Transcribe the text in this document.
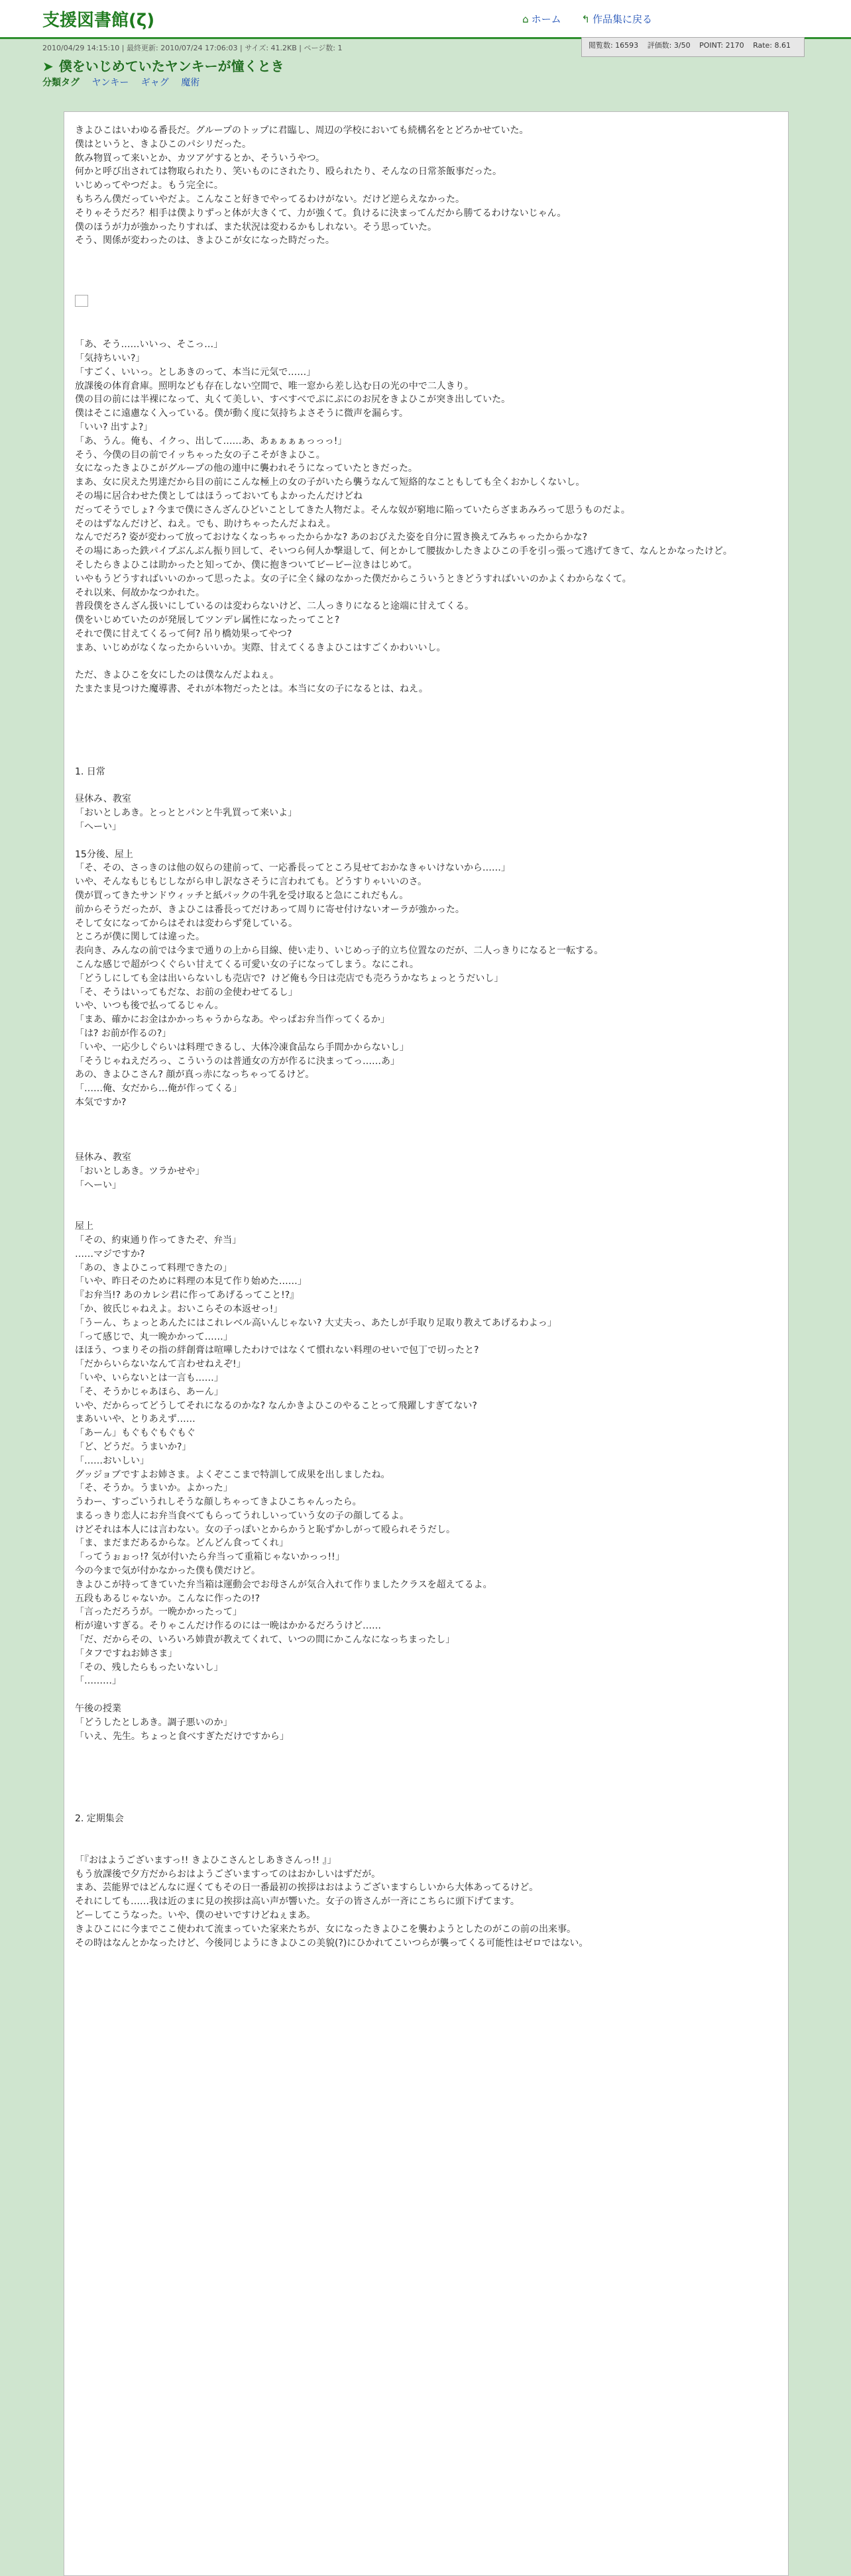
支援図書館(ζ)	⌂ ホーム ↰ 作品集に戻る
閲覧数: 16593 評価数: 3/50 POINT: 2170 Rate: 8.61
2010/04/29 14:15:10 | 最終更新: 2010/07/24 17:06:03 | サイズ: 41.2KB | ページ数: 1
➤ 僕をいじめていたヤンキーが憧くとき
分類タグ ヤンキー ギャグ 魔術
きよひこはいわゆる番長だ。グループのトップに君臨し、周辺の学校においても続構名をとどろかせていた。
僕はというと、きよひこのパシリだった。
飲み物買って来いとか、カツアゲするとか、そういうやつ。
何かと呼び出されては物取られたり、笑いものにされたり、殴られたり、そんなの日常茶飯事だった。
いじめってやつだよ。もう完全に。
もちろん僕だっていやだよ。こんなこと好きでやってるわけがない。だけど逆らえなかった。
そりゃそうだろ？相手は僕よりずっと体が大きくて、力が強くて。負けるに決まってんだから勝てるわけないじゃん。
僕のほうが力が強かったりすれば、また状況は変わるかもしれない。そう思っていた。
そう、関係が変わったのは、きよひこが女になった時だった。
「あ、そう……いいっ、そこっ…」
「気持ちいい?」
「すごく、いいっ。としあきのって、本当に元気で……」
放課後の体育倉庫。照明なども存在しない空間で、唯一窓から差し込む日の光の中で二人きり。
僕の目の前には半裸になって、丸くて美しい、すべすべでぷにぷにのお尻をきよひこが突き出していた。
僕はそこに遠慮なく入っている。僕が動く度に気持ちよさそうに微声を漏らす。
「いい? 出すよ?」
「あ、うん。俺も、イクっ、出して……あ、あぁぁぁぁっっっ!」
そう、今僕の目の前でイッちゃった女の子こそがきよひこ。
女になったきよひこがグループの他の連中に襲われそうになっていたときだった。
まあ、女に戻えた男達だから目の前にこんな極上の女の子がいたら襲うなんて短絡的なこともしても全くおかしくないし。
その場に居合わせた僕としてはほうっておいてもよかったんだけどね
だってそうでしょ? 今まで僕にさんざんひどいことしてきた人物だよ。そんな奴が窮地に陥っていたらざまあみろって思うものだよ。
そのはずなんだけど、ねえ。でも、助けちゃったんだよねえ。
なんでだろ? 姿が変わって放っておけなくなっちゃったからかな? あのおびえた姿を自分に置き換えてみちゃったからかな?
その場にあった鉄パイプぶんぶん振り回して、そいつら何人か撃退して、何とかして腰抜かしたきよひこの手を引っ張って逃げてきて、なんとかなったけど。
そしたらきよひこは助かったと知ってか、僕に抱きついてビービー泣きはじめて。
いやもうどうすればいいのかって思ったよ。女の子に全く縁のなかった僕だからこういうときどうすればいいのかよくわからなくて。
それ以来、何故かなつかれた。
普段僕をさんざん扱いにしているのは変わらないけど、二人っきりになると途端に甘えてくる。
僕をいじめていたのが発展してツンデレ属性になったってこと?
それで僕に甘えてくるって何? 吊り橋効果ってやつ?
まあ、いじめがなくなったからいいか。実際、甘えてくるきよひこはすごくかわいいし。
ただ、きよひこを女にしたのは僕なんだよねぇ。
たまたま見つけた魔導書、それが本物だったとは。本当に女の子になるとは、ねえ。
1. 日常
昼休み、教室
「おいとしあき。とっととパンと牛乳買って来いよ」
「へーい」
15分後、屋上
「そ、その、さっきのは他の奴らの建前って、一応番長ってところ見せておかなきゃいけないから……」
いや、そんなもじもじしながら申し訳なさそうに言われても。どうすりゃいいのさ。
僕が買ってきたサンドウィッチと紙パックの牛乳を受け取ると急にこれだもん。
前からそうだったが、きよひこは番長ってだけあって周りに寄せ付けないオーラが強かった。
そして女になってからはそれは変わらず発している。
ところが僕に関しては違った。
表向き、みんなの前では今まで通りの上から目線、使い走り、いじめっ子的立ち位置なのだが、二人っきりになると一転する。
こんな感じで超がつくぐらい甘えてくる可愛い女の子になってしまう。なにこれ。
「どうしにしても金は出いらないしも売店で?  けど俺も今日は売店でも売ろうかなちょっとうだいし」
「そ、そうはいってもだな、お前の金使わせてるし」
いや、いつも後で払ってるじゃん。
「まあ、確かにお金はかかっちゃうからなあ。やっぱお弁当作ってくるか」
「は? お前が作るの?」
「いや、一応少しぐらいは料理できるし、大体冷凍食品なら手間かからないし」
「そうじゃねえだろっ、こういうのは普通女の方が作るに決まってっ……あ」
あの、きよひこさん? 顔が真っ赤になっちゃってるけど。
「……俺、女だから…俺が作ってくる」
本気ですか?
昼休み、教室
「おいとしあき。ツラかせや」
「へーい」
屋上
「その、約束通り作ってきたぞ、弁当」
……マジですか?
「あの、きよひこって料理できたの」
「いや、昨日そのために料理の本見て作り始めた……」
『お弁当!? あのカレシ君に作ってあげるってこと!?』
「か、彼氏じゃねえよ。おいこらその本返せっ!」
「うーん、ちょっとあんたにはこれレベル高いんじゃない? 大丈夫っ、あたしが手取り足取り教えてあげるわよっ」
「って感じで、丸一晩かかって……」
ほほう、つまりその指の絆創膏は喧嘩したわけではなくて慣れない料理のせいで包丁で切ったと?
「だからいらないなんて言わせねえぞ!」
「いや、いらないとは一言も……」
「そ、そうかじゃあほら、あーん」
いや、だからってどうしてそれになるのかな? なんかきよひこのやることって飛躍しすぎてない?
まあいいや、とりあえず……
「あーん」もぐもぐもぐもぐ
「ど、どうだ。うまいか?」
「……おいしい」
グッジョブですよお姉さま。よくぞここまで特訓して成果を出しましたね。
「そ、そうか。うまいか。よかった」
うわー、すっごいうれしそうな顔しちゃってきよひこちゃんったら。
まるっきり恋人にお弁当食べてもらってうれしいっていう女の子の顔してるよ。
けどそれは本人には言わない。女の子っぽいとからかうと恥ずかしがって殴られそうだし。
「ま、まだまだあるからな。どんどん食ってくれ」
「ってうぉぉっ!? 気が付いたら弁当って重箱じゃないかっっ!!」
今の今まで気が付かなかった僕も僕だけど。
きよひこが持ってきていた弁当箱は運動会でお母さんが気合入れて作りましたクラスを超えてるよ。
五段もあるじゃないか。こんなに作ったの!?
「言っただろうが。一晩かかったって」
桁が違いすぎる。そりゃこんだけ作るのには一晩はかかるだろうけど……
「だ、だからその、いろいろ姉貴が教えてくれて、いつの間にかこんなになっちまったし」
「タフですねお姉さま」
「その、残したらもったいないし」
「………」
午後の授業
「どうしたとしあき。調子悪いのか」
「いえ、先生。ちょっと食べすぎただけですから」
2. 定期集会
「『おはようございますっ!! きよひこさんとしあきさんっ!! 』」
もう放課後で夕方だからおはようございますってのはおかしいはずだが。
まあ、芸能界ではどんなに遅くてもその日一番最初の挨拶はおはようございますらしいから大体あってるけど。
それにしても……我は近のまに見の挨拶は高い声が響いた。女子の皆さんが一斉にこちらに頭下げてます。
どーしてこうなった。いや、僕のせいですけどねぇまあ。
きよひこにに今までここ使われて流まっていた家来たちが、女になったきよひこを襲わようとしたのがこの前の出来事。
その時はなんとかなったけど、今後同じようにきよひこの美貌(?)にひかれてこいつらが襲ってくる可能性はゼロではない。
